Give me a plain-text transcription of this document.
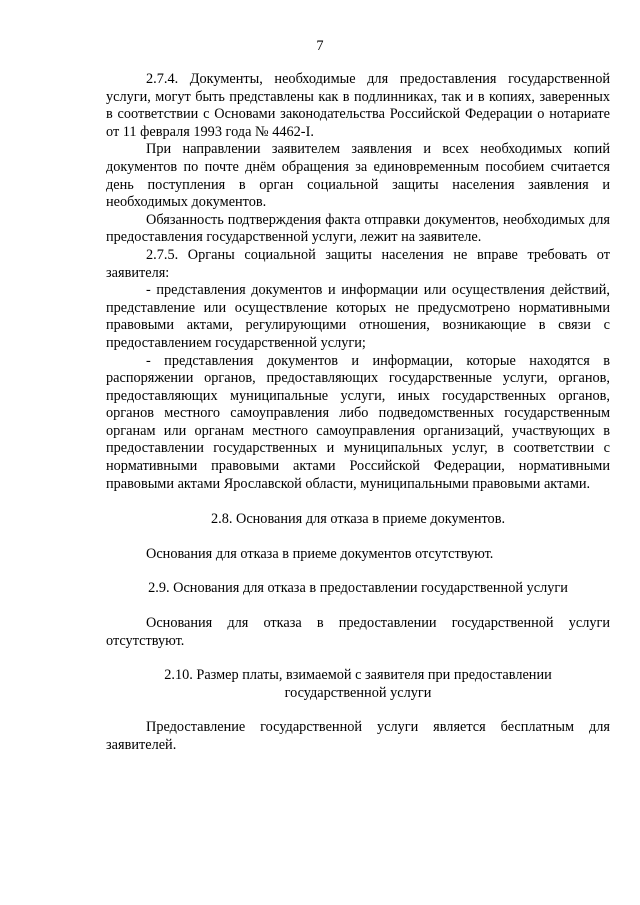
7

2.7.4. Документы, необходимые для предоставления государственной услуги, могут быть представлены как в подлинниках, так и в копиях, заверенных в соответствии с Основами законодательства Российской Федерации о нотариате от 11 февраля 1993 года № 4462-I.

При направлении заявителем заявления и всех необходимых копий документов по почте днём обращения за единовременным пособием считается день поступления в орган социальной защиты населения заявления и необходимых документов.

Обязанность подтверждения факта отправки документов, необходимых для предоставления государственной услуги, лежит на заявителе.

2.7.5. Органы социальной защиты населения не вправе требовать от заявителя:

- представления документов и информации или осуществления действий, представление или осуществление которых не предусмотрено нормативными правовыми актами, регулирующими отношения, возникающие в связи с предоставлением государственной услуги;

- представления документов и информации, которые находятся в распоряжении органов, предоставляющих государственные услуги, органов, предоставляющих муниципальные услуги, иных государственных органов, органов местного самоуправления либо подведомственных государственным органам или органам местного самоуправления организаций, участвующих в предоставлении государственных и муниципальных услуг, в соответствии с нормативными правовыми актами Российской Федерации, нормативными правовыми актами Ярославской области, муниципальными правовыми актами.

2.8. Основания для отказа в приеме документов.

Основания для отказа в приеме документов отсутствуют.

2.9. Основания для отказа в предоставлении государственной услуги

Основания для отказа в предоставлении государственной услуги отсутствуют.

2.10. Размер платы, взимаемой с заявителя при предоставлении
государственной услуги

Предоставление государственной услуги является бесплатным для заявителей.
